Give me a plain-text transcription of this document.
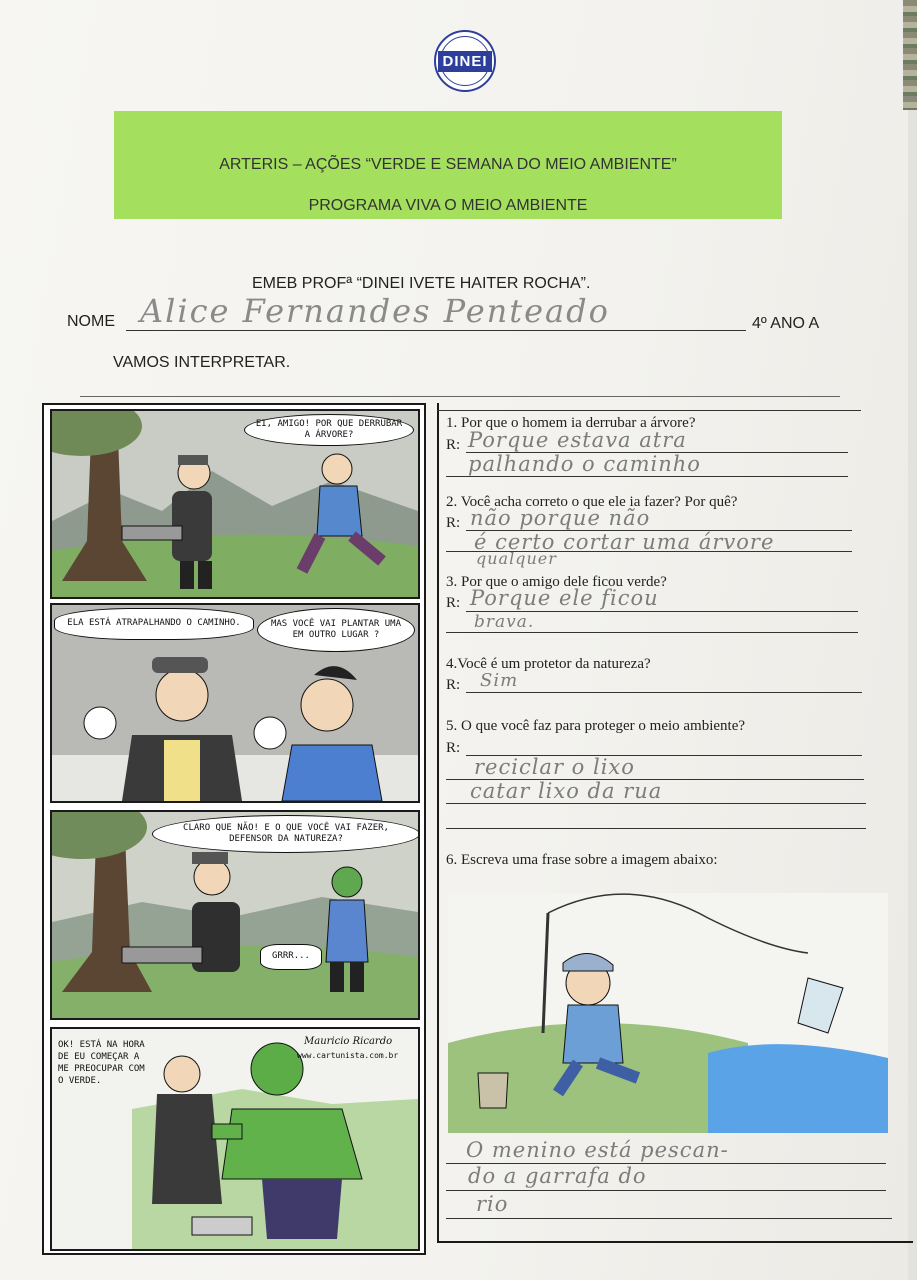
DINEI
ARTERIS – AÇÕES “VERDE E SEMANA DO MEIO AMBIENTE”
PROGRAMA VIVA O MEIO AMBIENTE
EMEB PROFª “DINEI IVETE HAITER ROCHA”.
NOME Alice Fernandes Penteado	4º ANO A
VAMOS INTERPRETAR.
EI, AMIGO! POR QUE DERRUBAR A ÁRVORE?
ELA ESTÁ ATRAPALHANDO O CAMINHO.	MAS VOCÊ VAI PLANTAR UMA EM OUTRO LUGAR ?
CLARO QUE NÃO! E O QUE VOCÊ VAI FAZER, DEFENSOR DA NATUREZA?
GRRR...
OK! ESTÁ NA HORA DE EU COMEÇAR A ME PREOCUPAR COM O VERDE.
Mauricio Ricardo
www.cartunista.com.br
1. Por que o homem ia derrubar a árvore?
R: Porque estava atra
palhando o caminho
2. Você acha correto o que ele ia fazer? Por quê?
R: não porque não
é certo cortar uma árvore
qualquer
3. Por que o amigo dele ficou verde?
R: Porque ele ficou
brava.
4.Você é um protetor da natureza?
R: Sim
5. O que você faz para proteger o meio ambiente?
R:
reciclar o lixo
catar lixo da rua
6. Escreva uma frase sobre a imagem abaixo:
O menino está pescan-
do a garrafa do
rio
